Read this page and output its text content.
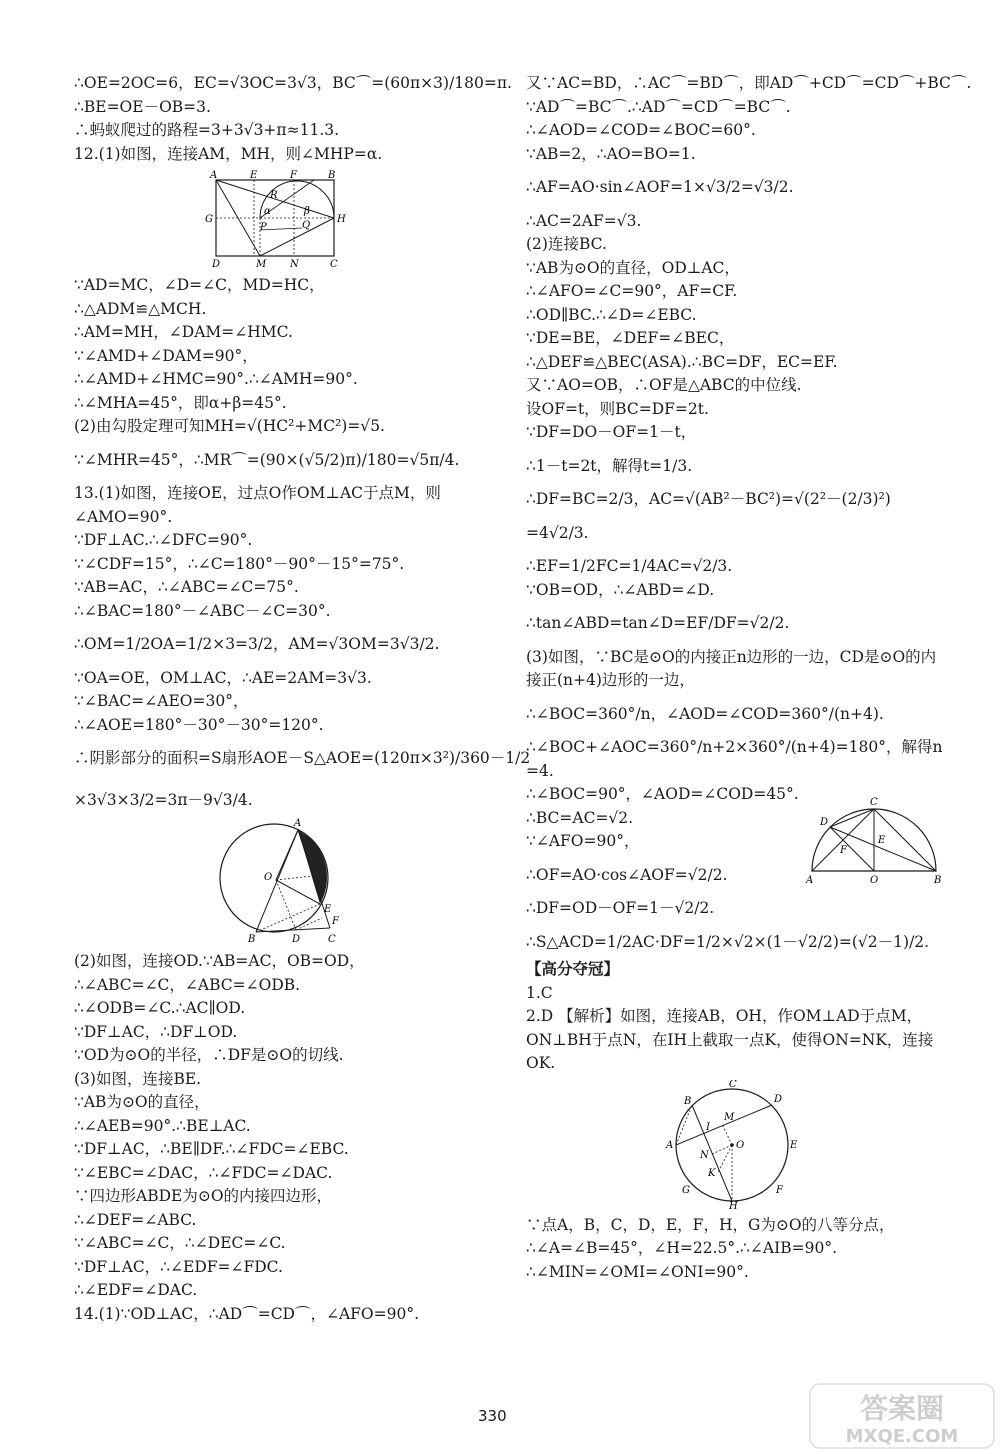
∴OE=2OC=6，EC=√3OC=3√3，BC⌒=(60π×3)/180=π.
∴BE=OE－OB=3.
∴蚂蚁爬过的路程=3+3√3+π≈11.3.
12.(1)如图，连接AM，MH，则∠MHP=α.
A	E	F	B
R
G
α	β
P	Q
H
D	M N	C
∵AD=MC，∠D=∠C，MD=HC，
∴△ADM≌△MCH.
∴AM=MH，∠DAM=∠HMC.
∵∠AMD+∠DAM=90°，
∴∠AMD+∠HMC=90°.∴∠AMH=90°.
∴∠MHA=45°，即α+β=45°.
(2)由勾股定理可知MH=√(HC²+MC²)=√5.
∵∠MHR=45°，∴MR⌒=(90×(√5/2)π)/180=√5π/4.
13.(1)如图，连接OE，过点O作OM⊥AC于点M，则∠AMO=90°.
∵DF⊥AC.∴∠DFC=90°.
∵∠CDF=15°，∴∠C=180°－90°－15°=75°.
∵AB=AC，∴∠ABC=∠C=75°.
∴∠BAC=180°－∠ABC－∠C=30°.
∴OM=1/2OA=1/2×3=3/2，AM=√3OM=3√3/2.
∵OA=OE，OM⊥AC，∴AE=2AM=3√3.
∵∠BAC=∠AEO=30°，
∴∠AOE=180°－30°－30°=120°.
∴阴影部分的面积=S扇形AOE－S△AOE=(120π×3²)/360－1/2
×3√3×3/2=3π－9√3/4.
A
O
E
F
B	D	C
(2)如图，连接OD.∵AB=AC，OB=OD，
∴∠ABC=∠C，∠ABC=∠ODB.
∴∠ODB=∠C.∴AC∥OD.
∵DF⊥AC，∴DF⊥OD.
∵OD为⊙O的半径，∴DF是⊙O的切线.
(3)如图，连接BE.
∵AB为⊙O的直径，
∴∠AEB=90°.∴BE⊥AC.
∵DF⊥AC，∴BE∥DF.∴∠FDC=∠EBC.
∵∠EBC=∠DAC，∴∠FDC=∠DAC.
∵四边形ABDE为⊙O的内接四边形，
∴∠DEF=∠ABC.
∵∠ABC=∠C，∴∠DEC=∠C.
∵DF⊥AC，∴∠EDF=∠FDC.
∴∠EDF=∠DAC.
14.(1)∵OD⊥AC，∴AD⌒=CD⌒，∠AFO=90°.
又∵AC=BD，∴AC⌒=BD⌒，即AD⌒+CD⌒=CD⌒+BC⌒.
∵AD⌒=BC⌒.∴AD⌒=CD⌒=BC⌒.
∴∠AOD=∠COD=∠BOC=60°.
∵AB=2，∴AO=BO=1.
∴AF=AO·sin∠AOF=1×√3/2=√3/2.
∴AC=2AF=√3.
(2)连接BC.
∵AB为⊙O的直径，OD⊥AC，
∴∠AFO=∠C=90°，AF=CF.
∴OD∥BC.∴∠D=∠EBC.
∵DE=BE，∠DEF=∠BEC，
∴△DEF≌△BEC(ASA).∴BC=DF，EC=EF.
又∵AO=OB，∴OF是△ABC的中位线.
设OF=t，则BC=DF=2t.
∵DF=DO－OF=1－t，
∴1－t=2t，解得t=1/3.
∴DF=BC=2/3，AC=√(AB²－BC²)=√(2²－(2/3)²)
=4√2/3.
∴EF=1/2FC=1/4AC=√2/3.
∵OB=OD，∴∠ABD=∠D.
∴tan∠ABD=tan∠D=EF/DF=√2/2.
(3)如图，∵BC是⊙O的内接正n边形的一边，CD是⊙O的内接正(n+4)边形的一边，
∴∠BOC=360°/n，∠AOD=∠COD=360°/(n+4).
∴∠BOC+∠AOC=360°/n+2×360°/(n+4)=180°，解得n
=4.
∴∠BOC=90°，∠AOD=∠COD=45°.
∴BC=AC=√2.
∵∠AFO=90°，
∴OF=AO·cos∠AOF=√2/2.
∴DF=OD－OF=1－√2/2.
∴S△ACD=1/2AC·DF=1/2×√2×(1－√2/2)=(√2－1)/2.
C
D
E
F
A	O	B
【高分夺冠】
1.C
2.D 【解析】如图，连接AB，OH，作OM⊥AD于点M，ON⊥BH于点N，在IH上截取一点K，使得ON=NK，连接OK.
C
D
B
I
M
A	O	E
N
K
G	F
H
∵点A，B，C，D，E，F，H，G为⊙O的八等分点，
∴∠A=∠B=45°，∠H=22.5°.∴∠AIB=90°.
∴∠MIN=∠OMI=∠ONI=90°.
330	答案圈
MXQE.COM
